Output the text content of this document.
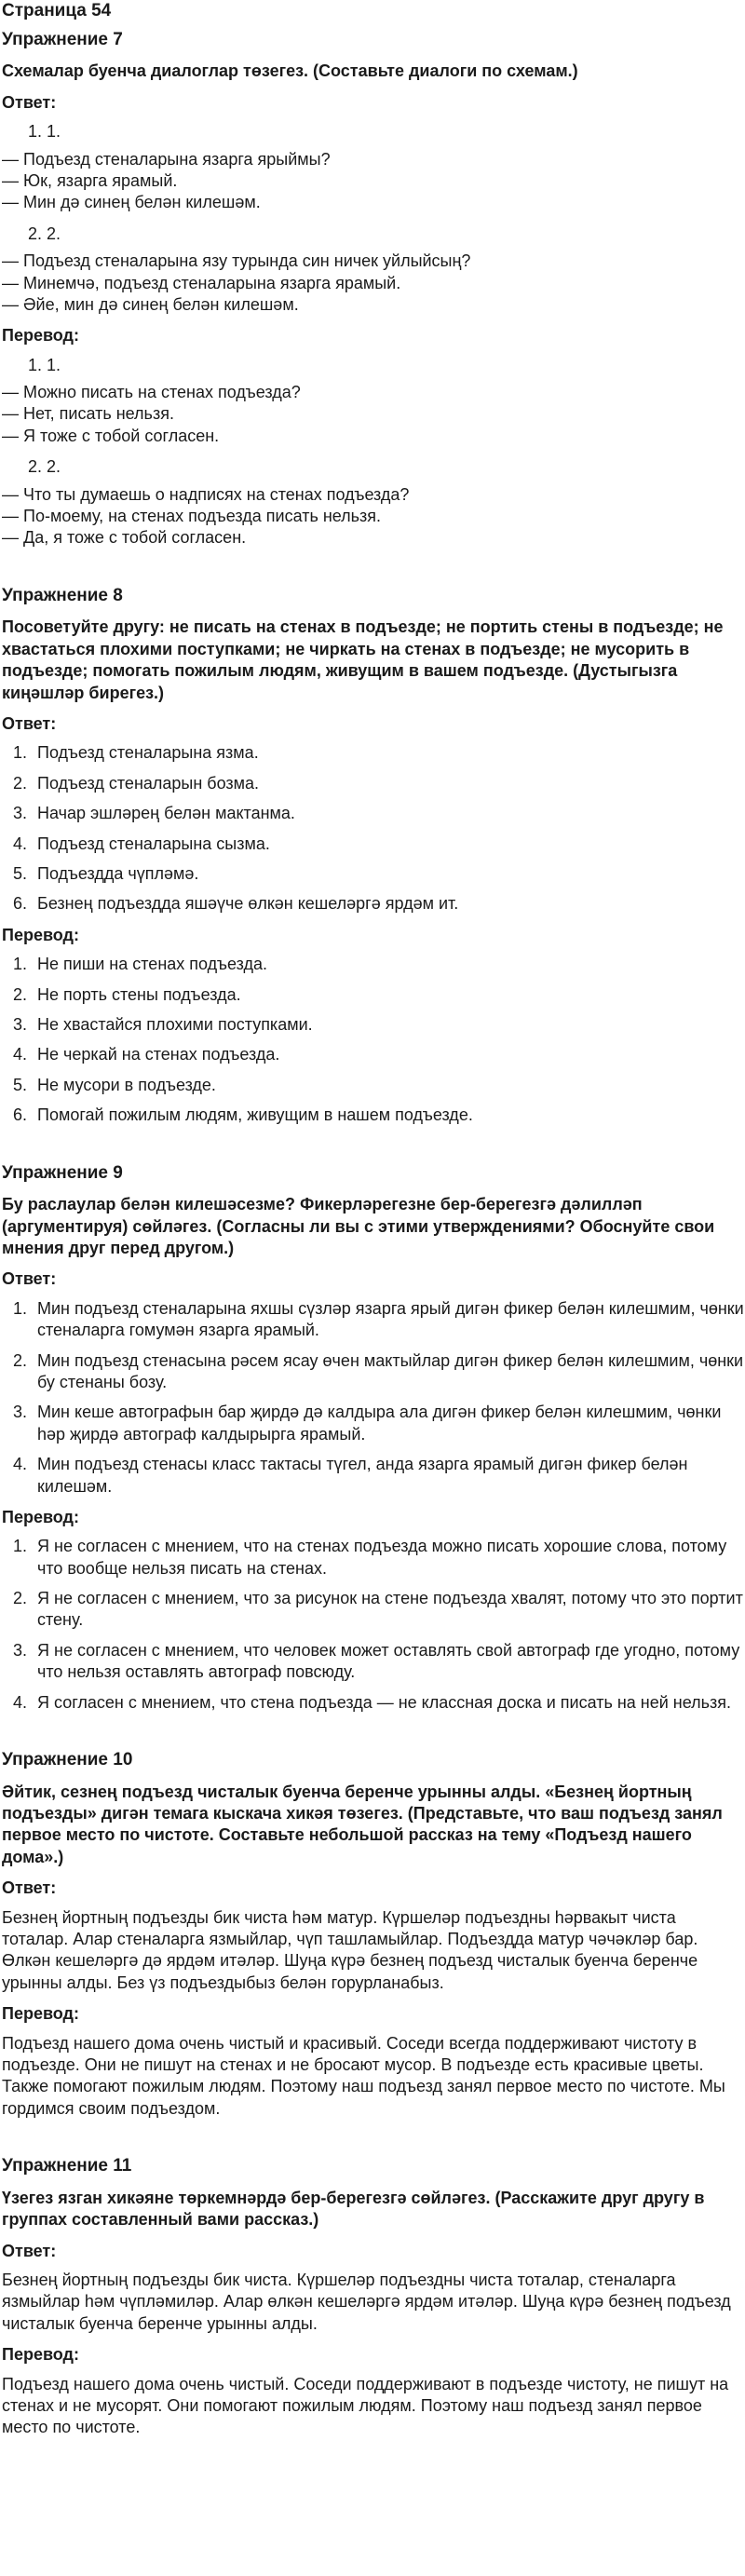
Страница 54
Упражнение 7
Схемалар буенча диалоглар төзегез. (Составьте диалоги по схемам.)
Ответ:
1. 1.
— Подъезд стеналарына язарга ярыймы?
— Юк, язарга ярамый.
— Мин дә синең белән килешәм.
2. 2.
— Подъезд стеналарына язу турында син ничек уйлыйсың?
— Минемчә, подъезд стеналарына язарга ярамый.
— Әйе, мин дә синең белән килешәм.
Перевод:
1. 1.
— Можно писать на стенах подъезда?
— Нет, писать нельзя.
— Я тоже с тобой согласен.
2. 2.
— Что ты думаешь о надписях на стенах подъезда?
— По-моему, на стенах подъезда писать нельзя.
— Да, я тоже с тобой согласен.
Упражнение 8
Посоветуйте другу: не писать на стенах в подъезде; не портить стены в подъезде; не хвастаться плохими поступками; не чиркать на стенах в подъезде; не мусорить в подъезде; помогать пожилым людям, живущим в вашем подъезде. (Дустыгызга киңәшләр бирегез.)
Ответ:
1. Подъезд стеналарына язма.
2. Подъезд стеналарын бозма.
3. Начар эшләрең белән мактанма.
4. Подъезд стеналарына сызма.
5. Подъездда чүпләмә.
6. Безнең подъездда яшәүче өлкән кешеләргә ярдәм ит.
Перевод:
1. Не пиши на стенах подъезда.
2. Не порть стены подъезда.
3. Не хвастайся плохими поступками.
4. Не черкай на стенах подъезда.
5. Не мусори в подъезде.
6. Помогай пожилым людям, живущим в нашем подъезде.
Упражнение 9
Бу раслаулар белән килешәсезме? Фикерләрегезне бер-берегезгә дәлилләп (аргументируя) сөйләгез. (Согласны ли вы с этими утверждениями? Обоснуйте свои мнения друг перед другом.)
Ответ:
1. Мин подъезд стеналарына яхшы сүзләр язарга ярый дигән фикер белән килешмим, чөнки стеналарга гомумән язарга ярамый.
2. Мин подъезд стенасына рәсем ясау өчен мактыйлар дигән фикер белән килешмим, чөнки бу стенаны бозу.
3. Мин кеше автографын бар җирдә дә калдыра ала дигән фикер белән килешмим, чөнки һәр җирдә автограф калдырырга ярамый.
4. Мин подъезд стенасы класс тактасы түгел, анда язарга ярамый дигән фикер белән килешәм.
Перевод:
1. Я не согласен с мнением, что на стенах подъезда можно писать хорошие слова, потому что вообще нельзя писать на стенах.
2. Я не согласен с мнением, что за рисунок на стене подъезда хвалят, потому что это портит стену.
3. Я не согласен с мнением, что человек может оставлять свой автограф где угодно, потому что нельзя оставлять автограф повсюду.
4. Я согласен с мнением, что стена подъезда — не классная доска и писать на ней нельзя.
Упражнение 10
Әйтик, сезнең подъезд чисталык буенча беренче урынны алды. «Безнең йортның подъезды» дигән темага кыскача хикәя төзегез. (Представьте, что ваш подъезд занял первое место по чистоте. Составьте небольшой рассказ на тему «Подъезд нашего дома».)
Ответ:
Безнең йортның подъезды бик чиста һәм матур. Күршеләр подъездны һәрвакыт чиста тоталар. Алар стеналарга язмыйлар, чүп ташламыйлар. Подъездда матур чәчәкләр бар. Өлкән кешеләргә дә ярдәм итәләр. Шуңа күрә безнең подъезд чисталык буенча беренче урынны алды. Без үз подъездыбыз белән горурланабыз.
Перевод:
Подъезд нашего дома очень чистый и красивый. Соседи всегда поддерживают чистоту в подъезде. Они не пишут на стенах и не бросают мусор. В подъезде есть красивые цветы. Также помогают пожилым людям. Поэтому наш подъезд занял первое место по чистоте. Мы гордимся своим подъездом.
Упражнение 11
Үзегез язган хикәяне төркемнәрдә бер-берегезгә сөйләгез. (Расскажите друг другу в группах составленный вами рассказ.)
Ответ:
Безнең йортның подъезды бик чиста. Күршеләр подъездны чиста тоталар, стеналарга язмыйлар һәм чүпләмиләр. Алар өлкән кешеләргә ярдәм итәләр. Шуңа күрә безнең подъезд чисталык буенча беренче урынны алды.
Перевод:
Подъезд нашего дома очень чистый. Соседи поддерживают в подъезде чистоту, не пишут на стенах и не мусорят. Они помогают пожилым людям. Поэтому наш подъезд занял первое место по чистоте.
